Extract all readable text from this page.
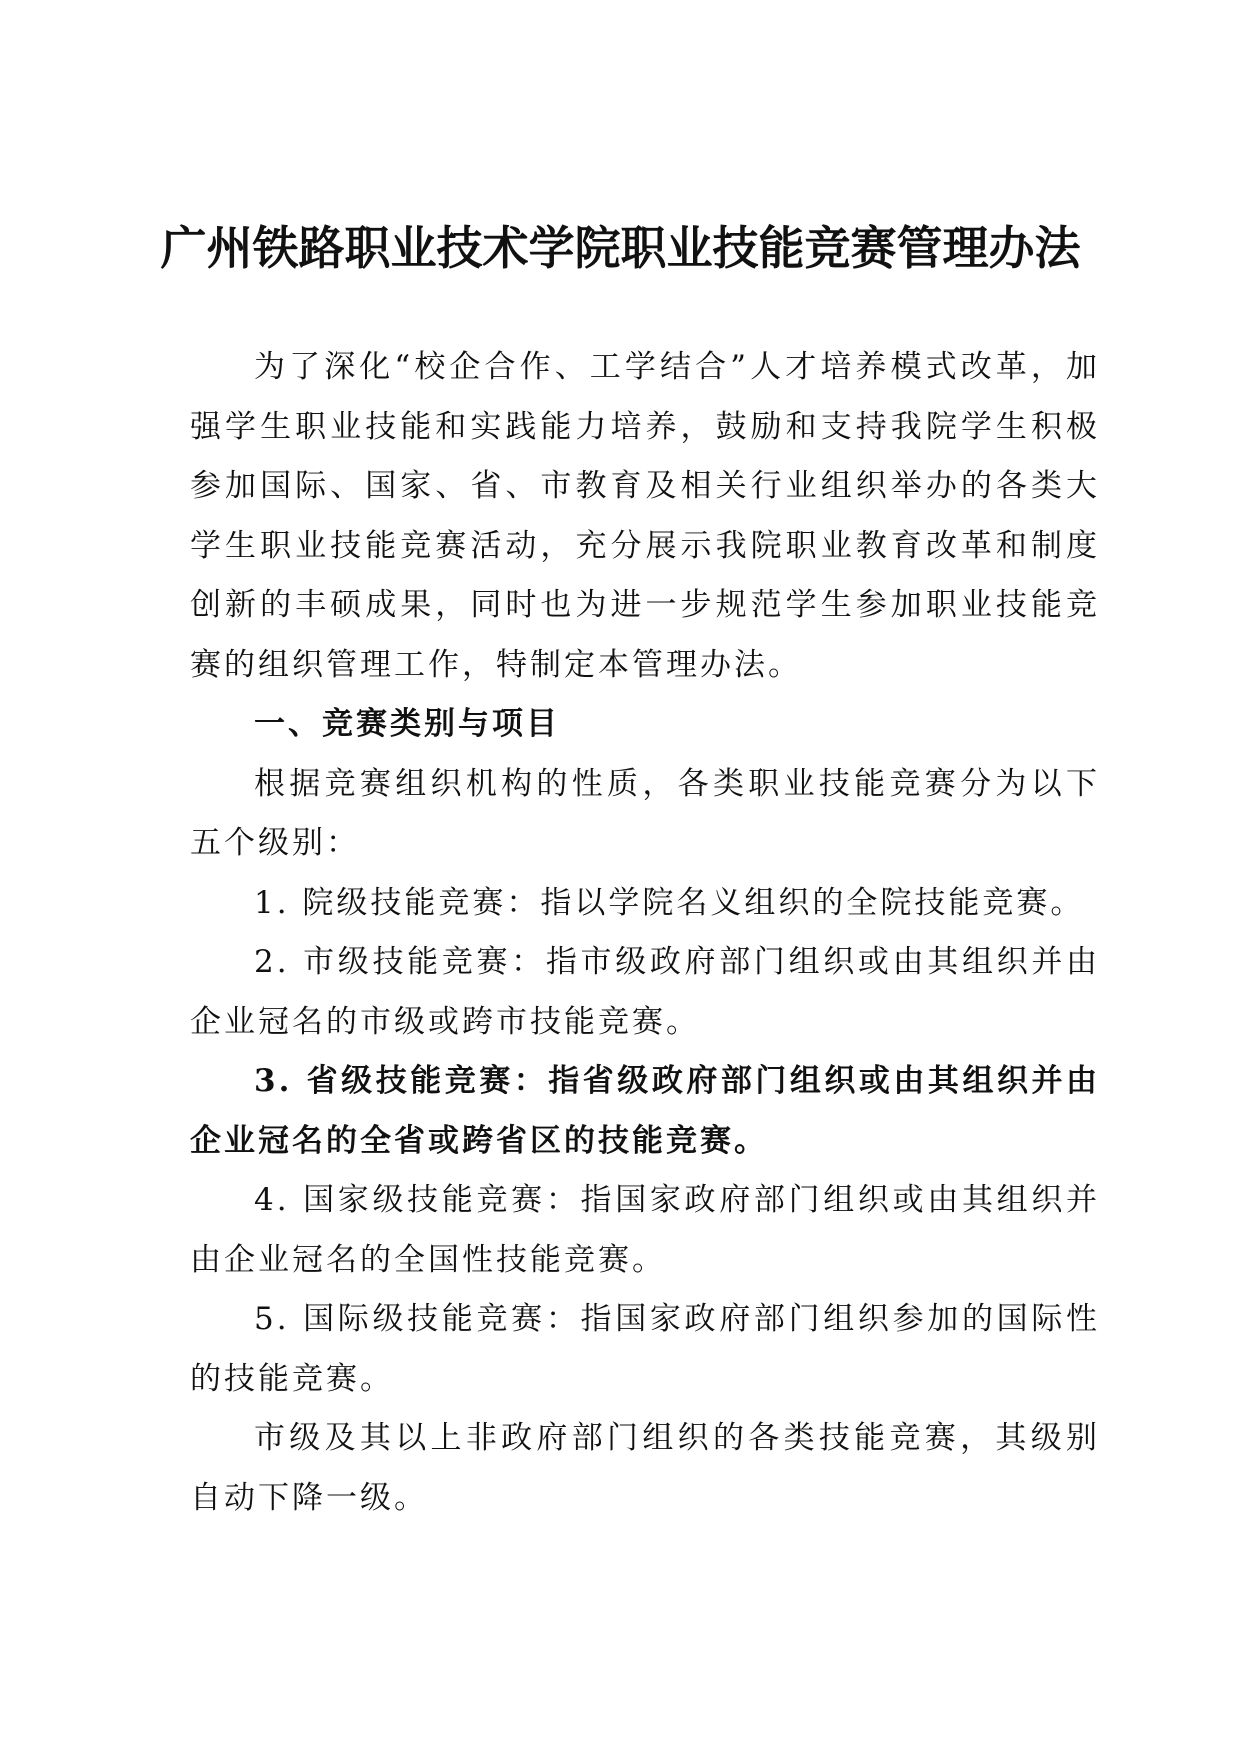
广州铁路职业技术学院职业技能竞赛管理办法

为了深化“校企合作、工学结合”人才培养模式改革，加强学生职业技能和实践能力培养，鼓励和支持我院学生积极参加国际、国家、省、市教育及相关行业组织举办的各类大学生职业技能竞赛活动，充分展示我院职业教育改革和制度创新的丰硕成果，同时也为进一步规范学生参加职业技能竞赛的组织管理工作，特制定本管理办法。

一、竞赛类别与项目

根据竞赛组织机构的性质，各类职业技能竞赛分为以下五个级别：

1. 院级技能竞赛：指以学院名义组织的全院技能竞赛。

2. 市级技能竞赛：指市级政府部门组织或由其组织并由企业冠名的市级或跨市技能竞赛。

3. 省级技能竞赛：指省级政府部门组织或由其组织并由企业冠名的全省或跨省区的技能竞赛。

4. 国家级技能竞赛：指国家政府部门组织或由其组织并由企业冠名的全国性技能竞赛。

5. 国际级技能竞赛：指国家政府部门组织参加的国际性的技能竞赛。

市级及其以上非政府部门组织的各类技能竞赛，其级别自动下降一级。
